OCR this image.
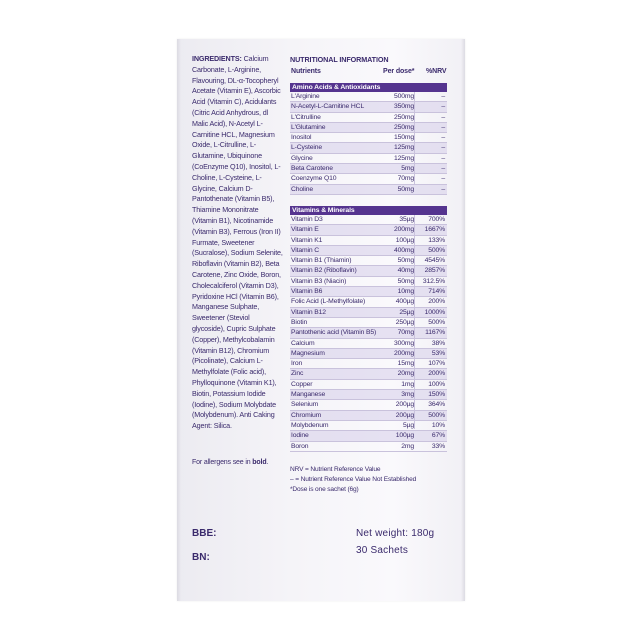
INGREDIENTS: Calcium Carbonate, L-Arginine, Flavouring, DL-α-Tocopheryl Acetate (Vitamin E), Ascorbic Acid (Vitamin C), Acidulants (Citric Acid Anhydrous, dl Malic Acid), N-Acetyl L-Carnitine HCL, Magnesium Oxide, L-Citrulline, L-Glutamine, Ubiquinone (CoEnzyme Q10), Inositol, L-Choline, L-Cysteine, L-Glycine, Calcium D-Pantothenate (Vitamin B5), Thiamine Mononitrate (Vitamin B1), Nicotinamide (Vitamin B3), Ferrous (Iron II) Furmate, Sweetener (Sucralose), Sodium Selenite, Riboflavin (Vitamin B2), Beta Carotene, Zinc Oxide, Boron, Cholecalciferol (Vitamin D3), Pyridoxine HCl (Vitamin B6), Manganese Sulphate, Sweetener (Steviol glycoside), Cupric Sulphate (Copper), Methylcobalamin (Vitamin B12), Chromium (Picolinate), Calcium L-Methylfolate (Folic acid), Phylloquinone (Vitamin K1), Biotin, Potassium Iodide (Iodine), Sodium Molybdate (Molybdenum). Anti Caking Agent: Silica.
For allergens see in bold.
NUTRITIONAL INFORMATION
Nutrients	Per dose* %NRV
Amino Acids & Antioxidants
L'Arginine	500mg	–
N-Acetyl-L-Carnitine HCL	350mg	–
L'Citrulline	250mg	–
L'Glutamine	250mg	–
Inositol	150mg	–
L-Cysteine	125mg	–
Glycine	125mg	–
Beta Carotene	5mg	–
Coenzyme Q10	70mg	–
Choline	50mg	–
Vitamins & Minerals
Vitamin D3	35µg 700%
Vitamin E	200mg 1667%
Vitamin K1	100µg 133%
Vitamin C	400mg 500%
Vitamin B1 (Thiamin)	50mg 4545%
Vitamin B2 (Riboflavin)	40mg 2857%
Vitamin B3 (Niacin)	50mg 312.5%
Vitamin B6	10mg 714%
Folic Acid (L-Methylfolate)	400µg 200%
Vitamin B12	25µg 1000%
Biotin	250µg 500%
Pantothenic acid (Vitamin B5)	70mg 1167%
Calcium	300mg	38%
Magnesium	200mg	53%
Iron	15mg 107%
Zinc	20mg 200%
Copper	1mg 100%
Manganese	3mg 150%
Selenium	200µg 364%
Chromium	200µg 500%
Molybdenum	5µg	10%
Iodine	100µg	67%
Boron	2mg	33%
NRV = Nutrient Reference Value
– = Nutrient Reference Value Not Established
*Dose is one sachet (6g)
BBE:
BN:
Net weight: 180g
30 Sachets
